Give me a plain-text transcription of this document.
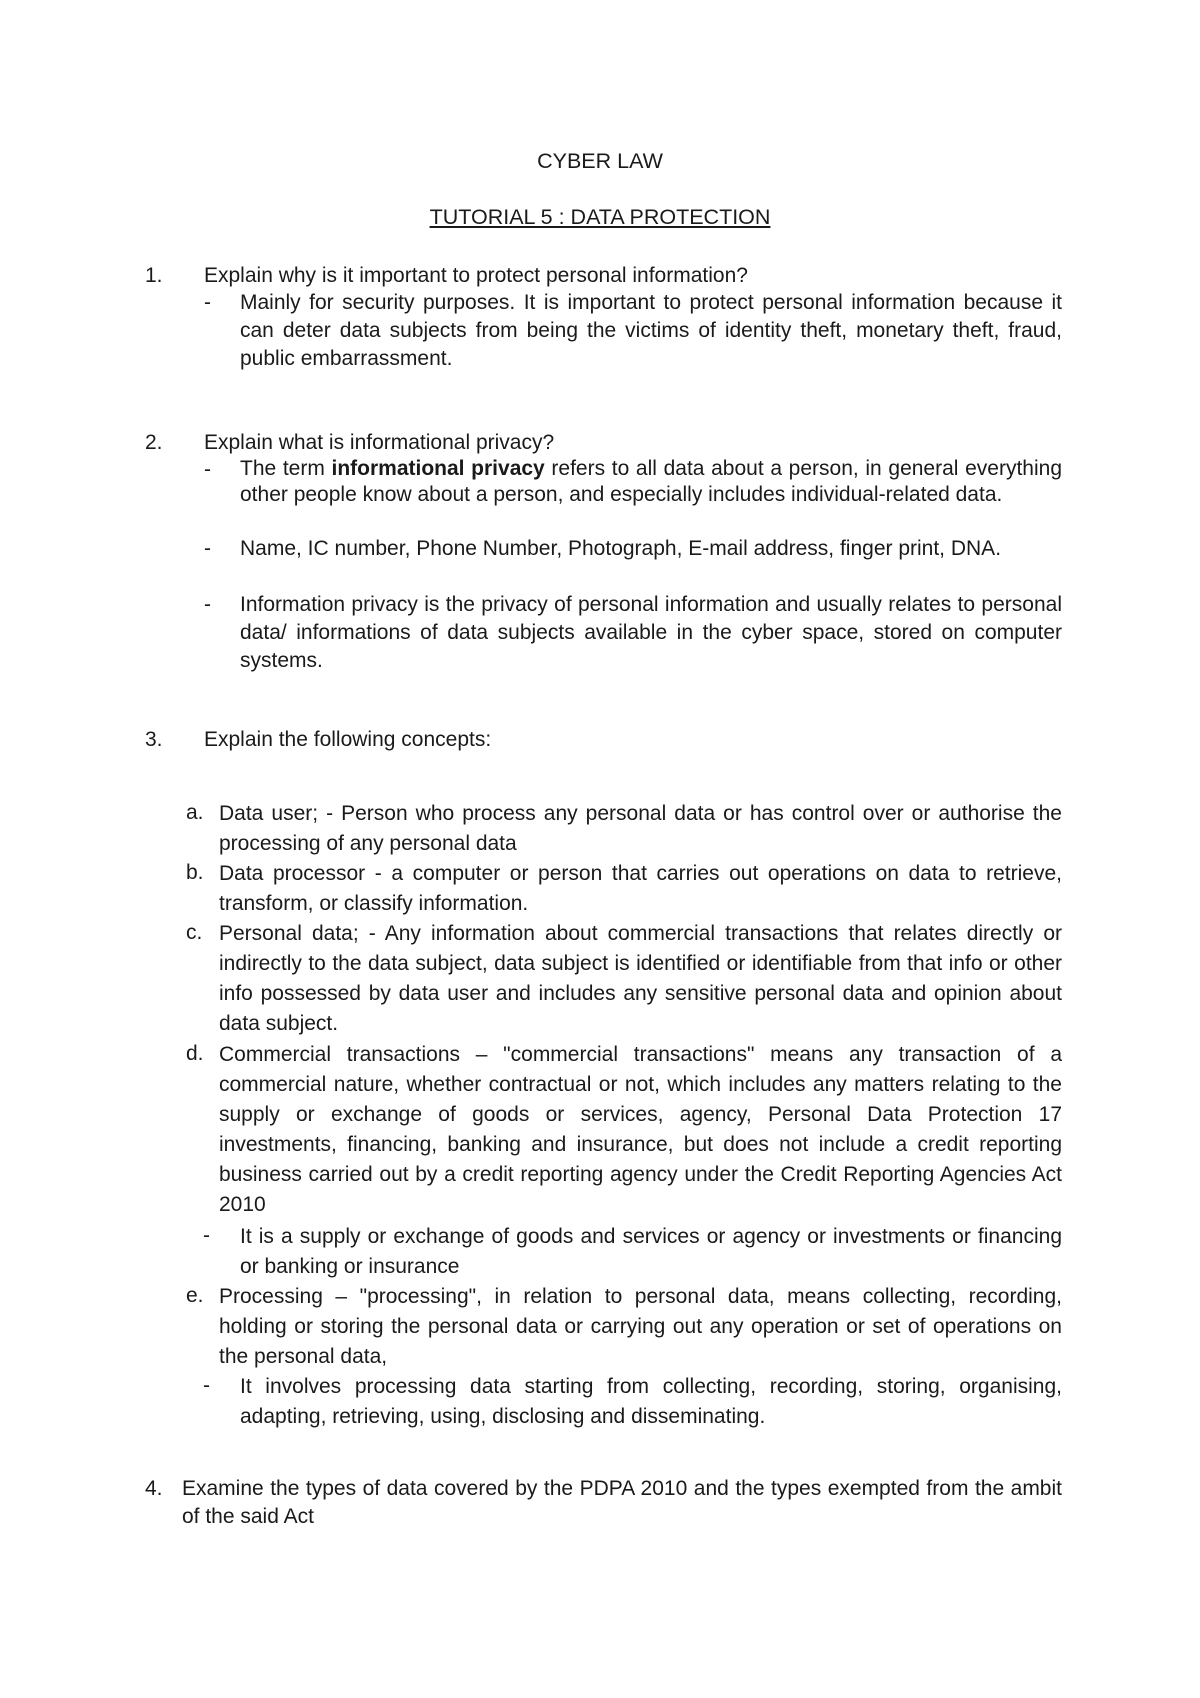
CYBER LAW
TUTORIAL 5 : DATA PROTECTION
1. Explain why is it important to protect personal information?
- Mainly for security purposes. It is important to protect personal information because it can deter data subjects from being the victims of identity theft, monetary theft, fraud, public embarrassment.
2. Explain what is informational privacy?
- The term informational privacy refers to all data about a person, in general everything other people know about a person, and especially includes individual-related data.
- Name, IC number, Phone Number, Photograph, E-mail address, finger print, DNA.
- Information privacy is the privacy of personal information and usually relates to personal data/ informations of data subjects available in the cyber space, stored on computer systems.
3. Explain the following concepts:
a. Data user; - Person who process any personal data or has control over or authorise the processing of any personal data
b. Data processor - a computer or person that carries out operations on data to retrieve, transform, or classify information.
c. Personal data; - Any information about commercial transactions that relates directly or indirectly to the data subject, data subject is identified or identifiable from that info or other info possessed by data user and includes any sensitive personal data and opinion about data subject.
d. Commercial transactions – "commercial transactions" means any transaction of a commercial nature, whether contractual or not, which includes any matters relating to the supply or exchange of goods or services, agency, Personal Data Protection 17 investments, financing, banking and insurance, but does not include a credit reporting business carried out by a credit reporting agency under the Credit Reporting Agencies Act 2010
- It is a supply or exchange of goods and services or agency or investments or financing or banking or insurance
e. Processing – "processing", in relation to personal data, means collecting, recording, holding or storing the personal data or carrying out any operation or set of operations on the personal data,
- It involves processing data starting from collecting, recording, storing, organising, adapting, retrieving, using, disclosing and disseminating.
4. Examine the types of data covered by the PDPA 2010 and the types exempted from the ambit of the said Act
